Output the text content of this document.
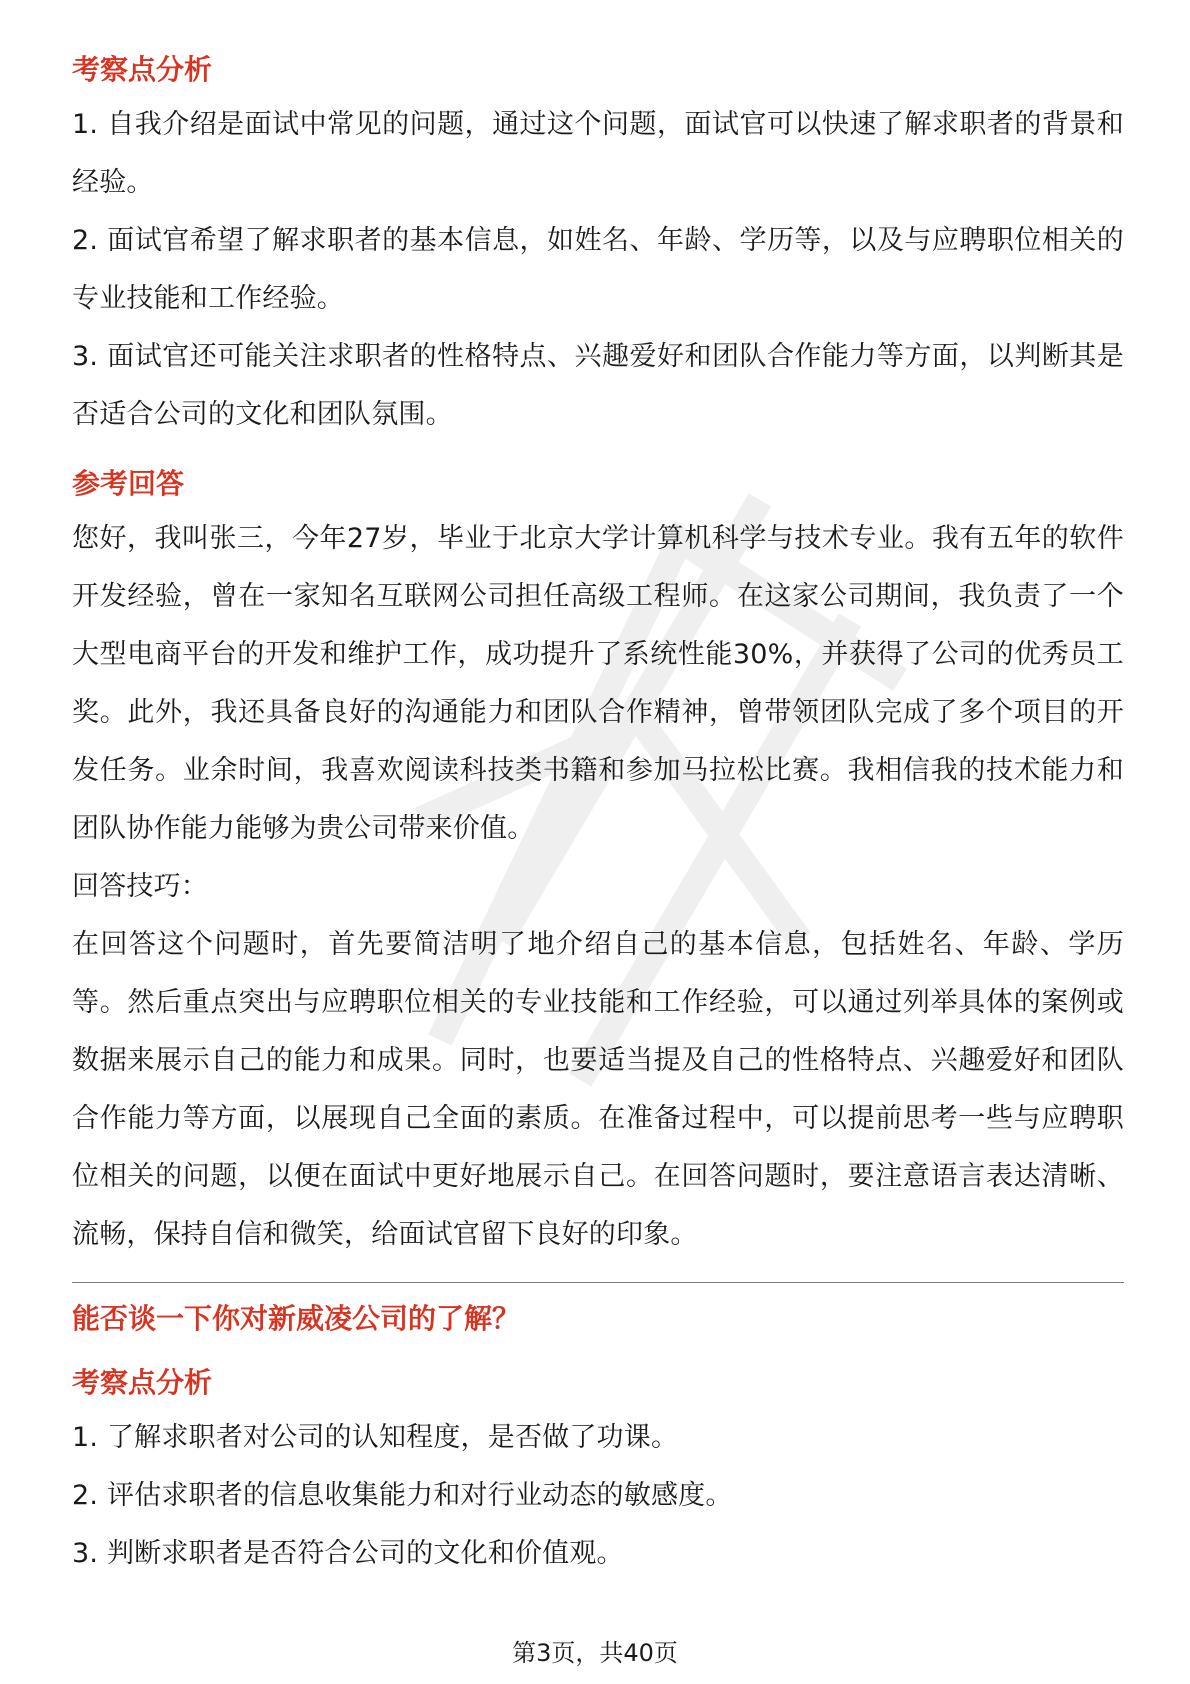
考察点分析

1. 自我介绍是面试中常见的问题，通过这个问题，面试官可以快速了解求职者的背景和经验。

2. 面试官希望了解求职者的基本信息，如姓名、年龄、学历等，以及与应聘职位相关的专业技能和工作经验。

3. 面试官还可能关注求职者的性格特点、兴趣爱好和团队合作能力等方面，以判断其是否适合公司的文化和团队氛围。

参考回答

您好，我叫张三，今年27岁，毕业于北京大学计算机科学与技术专业。我有五年的软件开发经验，曾在一家知名互联网公司担任高级工程师。在这家公司期间，我负责了一个大型电商平台的开发和维护工作，成功提升了系统性能30%，并获得了公司的优秀员工奖。此外，我还具备良好的沟通能力和团队合作精神，曾带领团队完成了多个项目的开发任务。业余时间，我喜欢阅读科技类书籍和参加马拉松比赛。我相信我的技术能力和团队协作能力能够为贵公司带来价值。

回答技巧：

在回答这个问题时，首先要简洁明了地介绍自己的基本信息，包括姓名、年龄、学历等。然后重点突出与应聘职位相关的专业技能和工作经验，可以通过列举具体的案例或数据来展示自己的能力和成果。同时，也要适当提及自己的性格特点、兴趣爱好和团队合作能力等方面，以展现自己全面的素质。在准备过程中，可以提前思考一些与应聘职位相关的问题，以便在面试中更好地展示自己。在回答问题时，要注意语言表达清晰、流畅，保持自信和微笑，给面试官留下良好的印象。

能否谈一下你对新威凌公司的了解？
考察点分析

1. 了解求职者对公司的认知程度，是否做了功课。

2. 评估求职者的信息收集能力和对行业动态的敏感度。

3. 判断求职者是否符合公司的文化和价值观。

第3页，共40页
